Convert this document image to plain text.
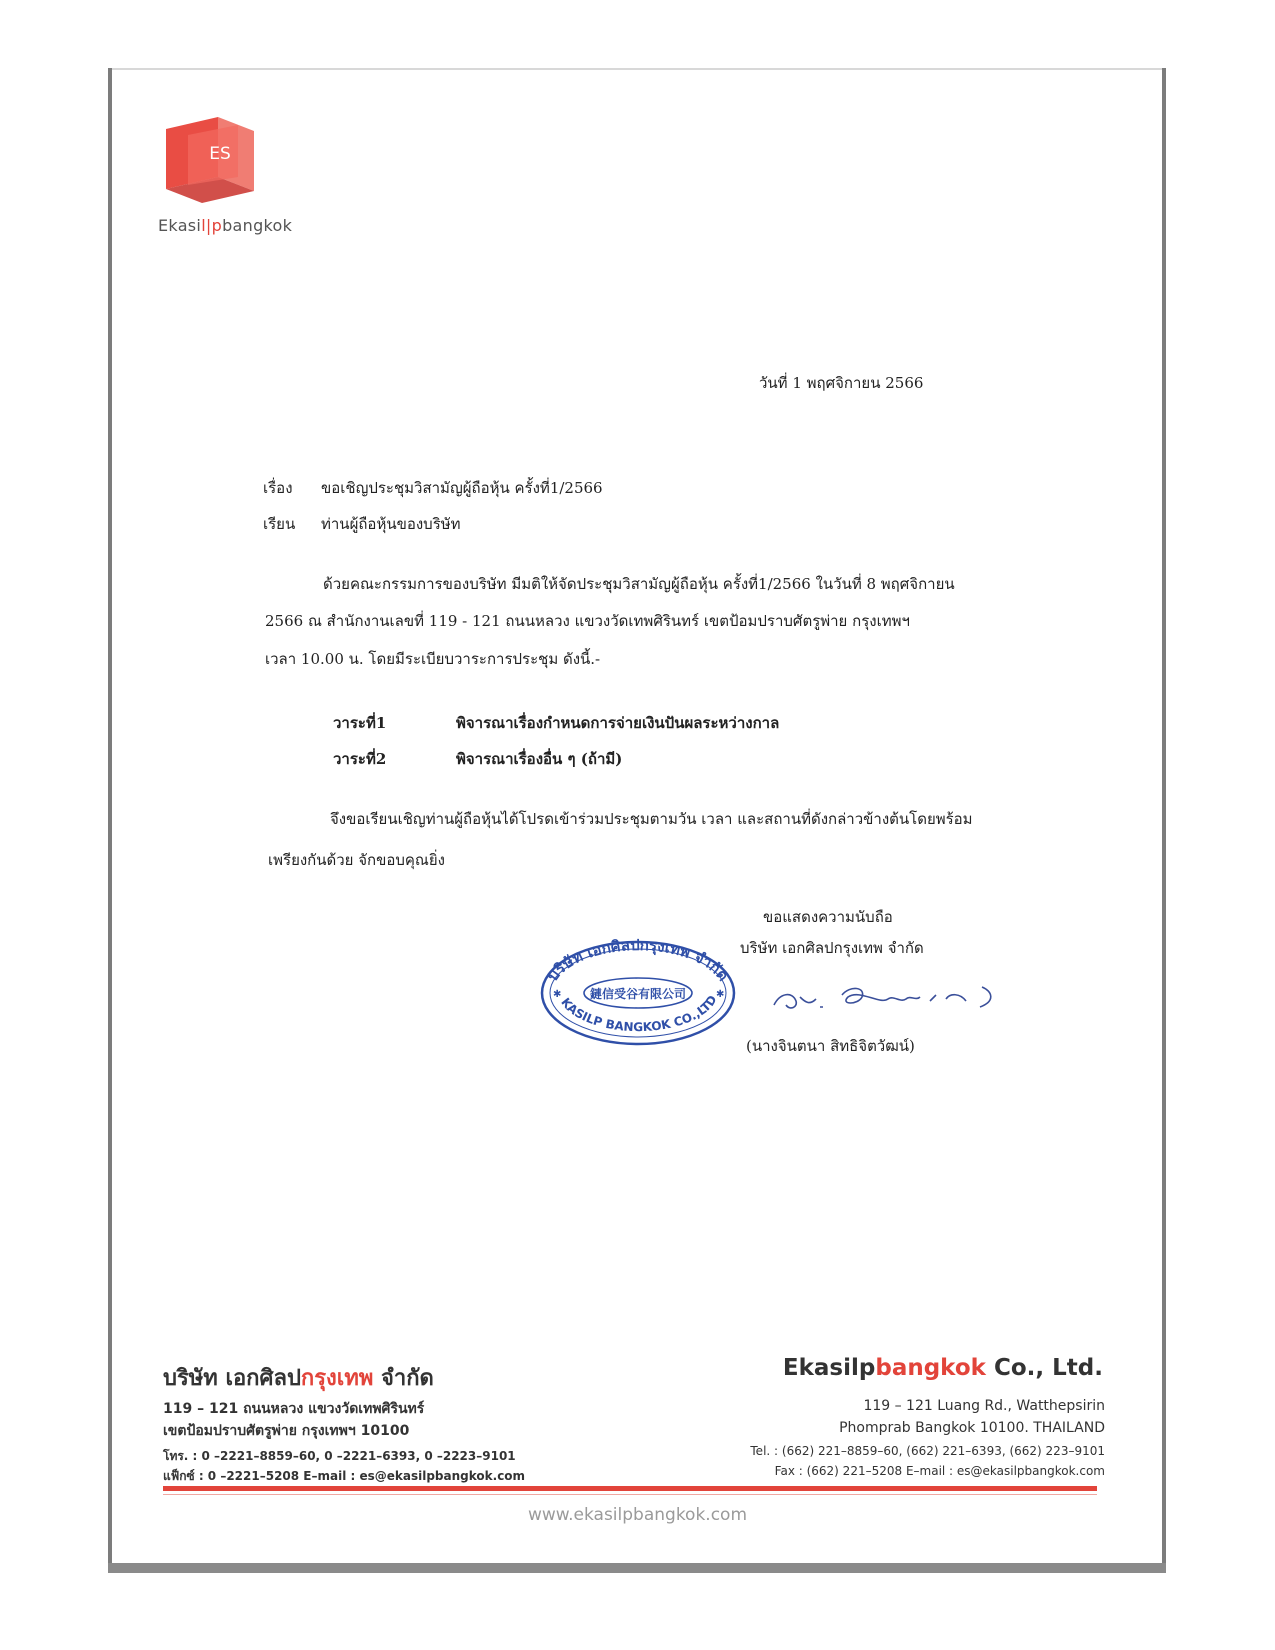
ES
Ekasil|pbangkok
วันที่ 1 พฤศจิกายน 2566
เรื่อง ขอเชิญประชุมวิสามัญผู้ถือหุ้น ครั้งที่1/2566
เรียน ท่านผู้ถือหุ้นของบริษัท
ด้วยคณะกรรมการของบริษัท มีมติให้จัดประชุมวิสามัญผู้ถือหุ้น ครั้งที่1/2566 ในวันที่ 8 พฤศจิกายน
2566 ณ สำนักงานเลขที่ 119 - 121 ถนนหลวง แขวงวัดเทพศิรินทร์ เขตป้อมปราบศัตรูพ่าย กรุงเทพฯ
เวลา 10.00 น. โดยมีระเบียบวาระการประชุม ดังนี้.-
วาระที่1	พิจารณาเรื่องกำหนดการจ่ายเงินปันผลระหว่างกาล
วาระที่2	พิจารณาเรื่องอื่น ๆ (ถ้ามี)
จึงขอเรียนเชิญท่านผู้ถือหุ้นได้โปรดเข้าร่วมประชุมตามวัน เวลา และสถานที่ดังกล่าวข้างต้นโดยพร้อม
เพรียงกันด้วย จักขอบคุณยิ่ง
ขอแสดงความนับถือ
บริษัท เอกศิลปกรุงเทพ จำกัด
(นางจินตนา สิทธิจิตวัฒน์)
บริษัท เอกศิลปกรุงเทพ จำกัด
KASILP BANGKOK CO.,LTD
鏈信受谷有限公司
✱	✱
บริษัท เอกศิลปกรุงเทพ จำกัด	Ekasilpbangkok Co., Ltd.
119 – 121 ถนนหลวง แขวงวัดเทพศิรินทร์
เขตป้อมปราบศัตรูพ่าย กรุงเทพฯ 10100
โทร. : 0 –2221–8859–60, 0 –2221–6393, 0 –2223–9101
แฟ็กซ์ : 0 –2221–5208 E–mail : es@ekasilpbangkok.com
119 – 121 Luang Rd., Watthepsirin
Phomprab Bangkok 10100. THAILAND
Tel. : (662) 221–8859–60, (662) 221–6393, (662) 223–9101
Fax : (662) 221–5208 E–mail : es@ekasilpbangkok.com
www.ekasilpbangkok.com
